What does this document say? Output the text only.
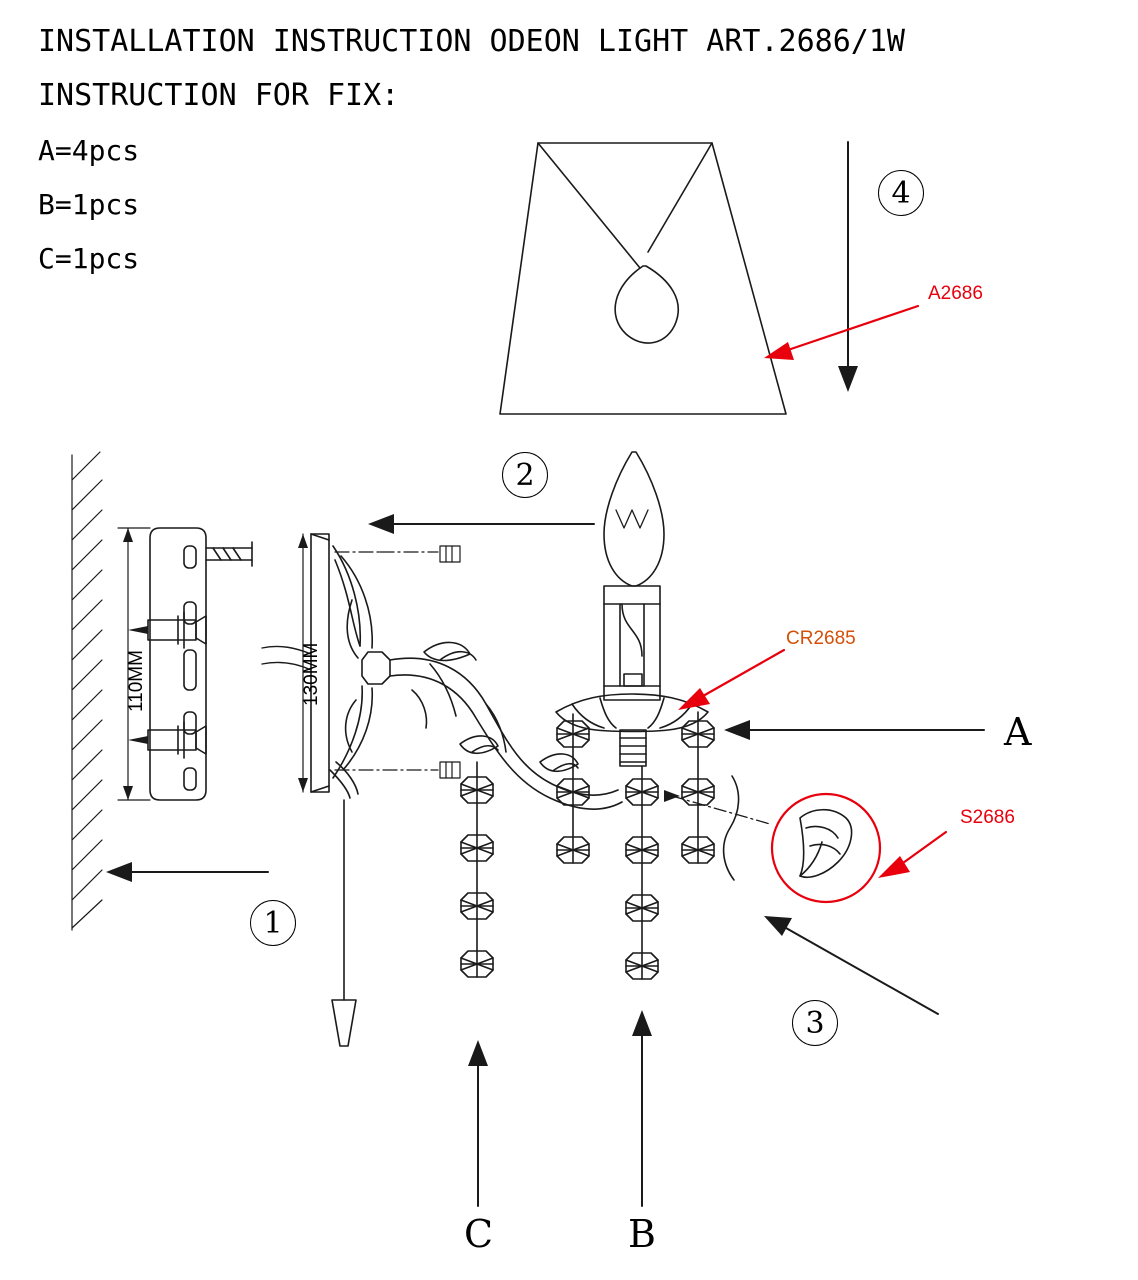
INSTALLATION INSTRUCTION ODEON LIGHT ART.2686/1W
INSTRUCTION FOR FIX:
A=4pcs
B=1pcs
C=1pcs
110MM	130MM
A2686
CR2685
S2686
A
B
C
1
2
3
4
